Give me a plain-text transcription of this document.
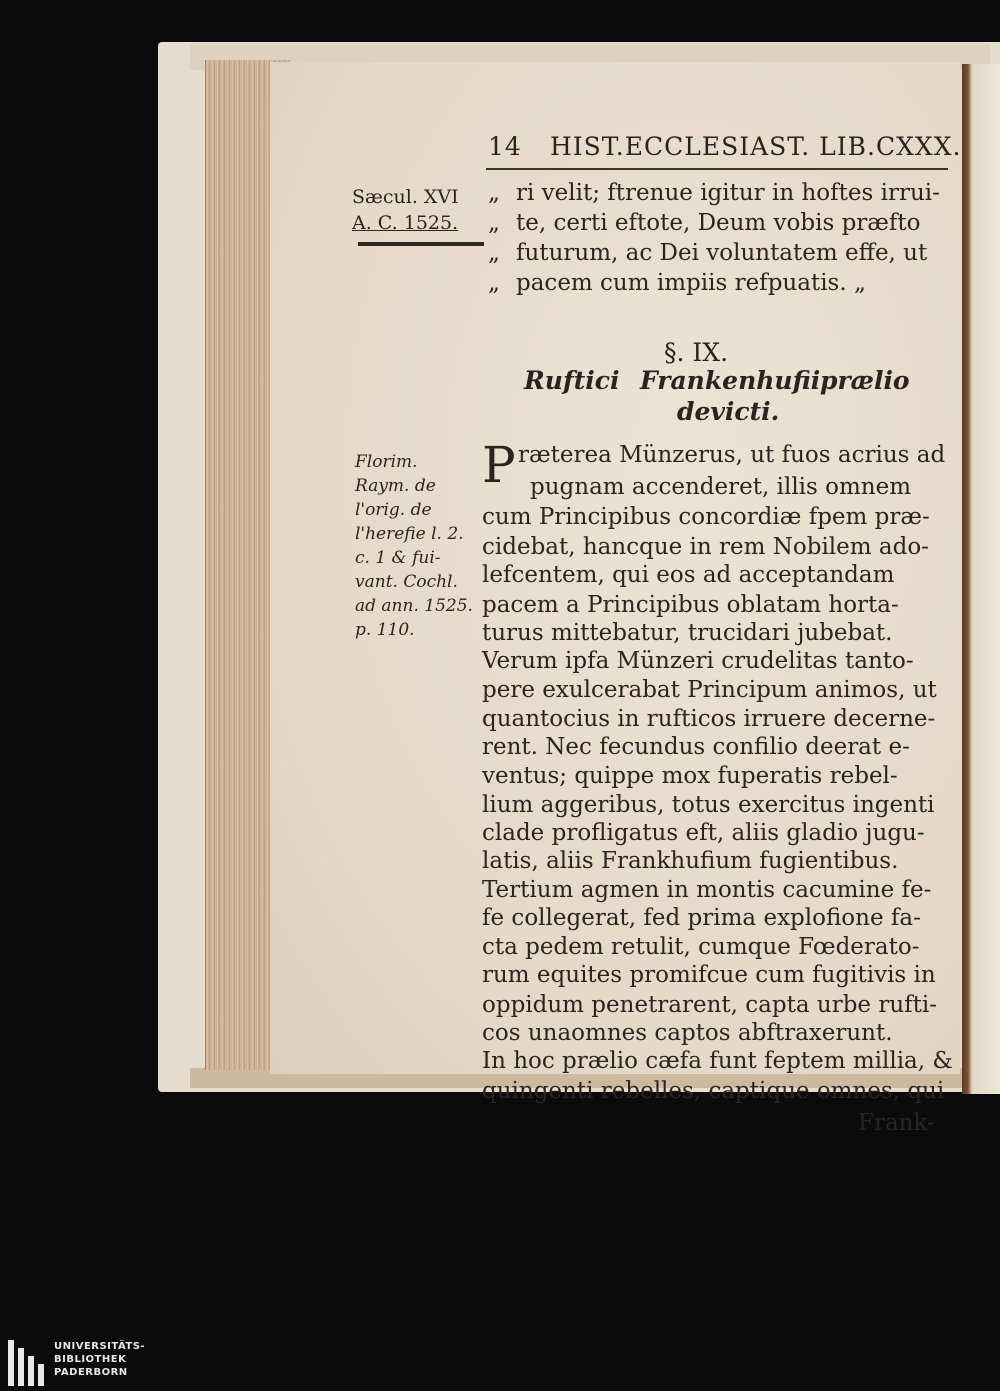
14 HIST.ECCLESIAST. LIB.CXXX.
Sæcul. XVI
A. C. 1525.
Florim.
Raym. de
l'orig. de
l'herefie l. 2.
c. 1 & fui-
vant. Cochl.
ad ann. 1525.
p. 110.
„ ri velit; ftrenue igitur in hoftes irrui-
„ te, certi eftote, Deum vobis præfto
„ futurum, ac Dei voluntatem effe, ut
„ pacem cum impiis refpuatis. „
§. IX.
Ruftici Frankenhufii prælio
devicti.
P ræterea Münzerus, ut fuos acrius ad
pugnam accenderet, illis omnem
cum Principibus concordiæ fpem præ-
cidebat, hancque in rem Nobilem ado-
lefcentem, qui eos ad acceptandam
pacem a Principibus oblatam horta-
turus mittebatur, trucidari jubebat.
Verum ipfa Münzeri crudelitas tanto-
pere exulcerabat Principum animos, ut
quantocius in rufticos irruere decerne-
rent. Nec fecundus confilio deerat e-
ventus; quippe mox fuperatis rebel-
lium aggeribus, totus exercitus ingenti
clade profligatus eft, aliis gladio jugu-
latis, aliis Frankhufium fugientibus.
Tertium agmen in montis cacumine fe-
fe collegerat, fed prima explofione fa-
cta pedem retulit, cumque Fœderato-
rum equites promifcue cum fugitivis in
oppidum penetrarent, capta urbe rufti-
cos unaomnes captos abftraxerunt.
In hoc prælio cæfa funt feptem millia, &
quingenti rebelles, captique omnes, qui
Frank-
UNIVERSITÄTS-
BIBLIOTHEK
PADERBORN
